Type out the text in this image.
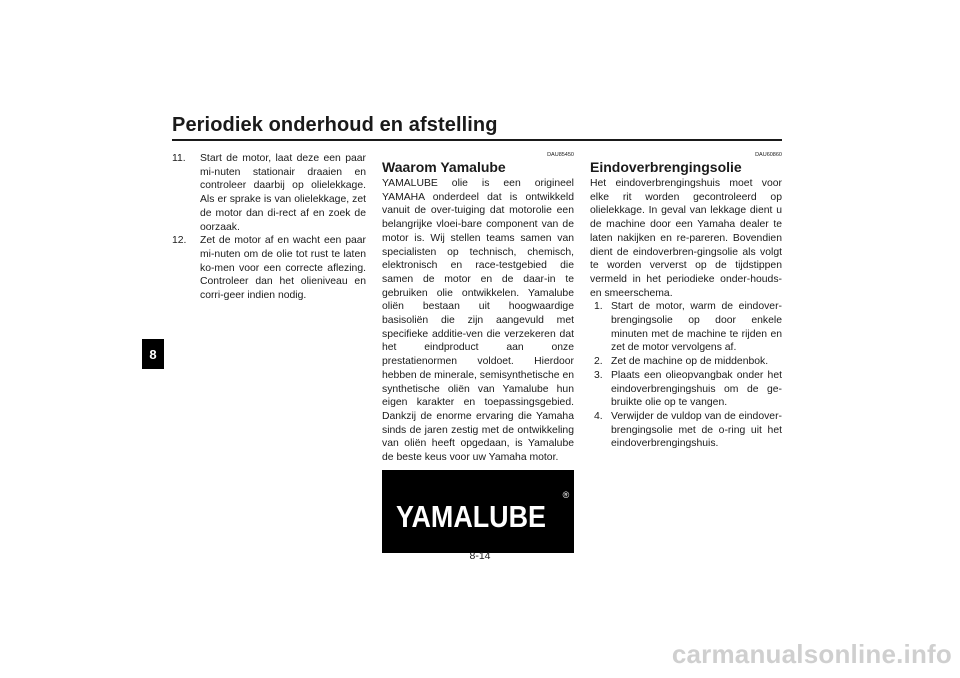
Periodiek onderhoud en afstelling
8
11. Start de motor, laat deze een paar mi-nuten stationair draaien en controleer daarbij op olielekkage. Als er sprake is van olielekkage, zet de motor dan di-rect af en zoek de oorzaak.
12. Zet de motor af en wacht een paar mi-nuten om de olie tot rust te laten ko-men voor een correcte aflezing. Controleer dan het olieniveau en corri-geer indien nodig.
DAU85450
Waarom Yamalube
YAMALUBE olie is een origineel YAMAHA onderdeel dat is ontwikkeld vanuit de over-tuiging dat motorolie een belangrijke vloei-bare component van de motor is. Wij stellen teams samen van specialisten op technisch, chemisch, elektronisch en race-testgebied die samen de motor en de daar-in te gebruiken olie ontwikkelen. Yamalube oliën bestaan uit hoogwaardige basisoliën die zijn aangevuld met specifieke additie-ven die verzekeren dat het eindproduct aan onze prestatienormen voldoet. Hierdoor hebben de minerale, semisynthetische en synthetische oliën van Yamalube hun eigen karakter en toepassingsgebied. Dankzij de enorme ervaring die Yamaha sinds de jaren zestig met de ontwikkeling van oliën heeft opgedaan, is Yamalube de beste keus voor uw Yamaha motor.
YAMALUBE
®
DAU60860
Eindoverbrengingsolie
Het eindoverbrengingshuis moet voor elke rit worden gecontroleerd op olielekkage. In geval van lekkage dient u de machine door een Yamaha dealer te laten nakijken en re-pareren. Bovendien dient de eindoverbren-gingsolie als volgt te worden ververst op de tijdstippen vermeld in het periodieke onder-houds- en smeerschema.
1. Start de motor, warm de eindover-brengingsolie op door enkele minuten met de machine te rijden en zet de motor vervolgens af.
2. Zet de machine op de middenbok.
3. Plaats een olieopvangbak onder het eindoverbrengingshuis om de ge-bruikte olie op te vangen.
4. Verwijder de vuldop van de eindover-brengingsolie met de o-ring uit het eindoverbrengingshuis.
8-14
carmanualsonline.info
